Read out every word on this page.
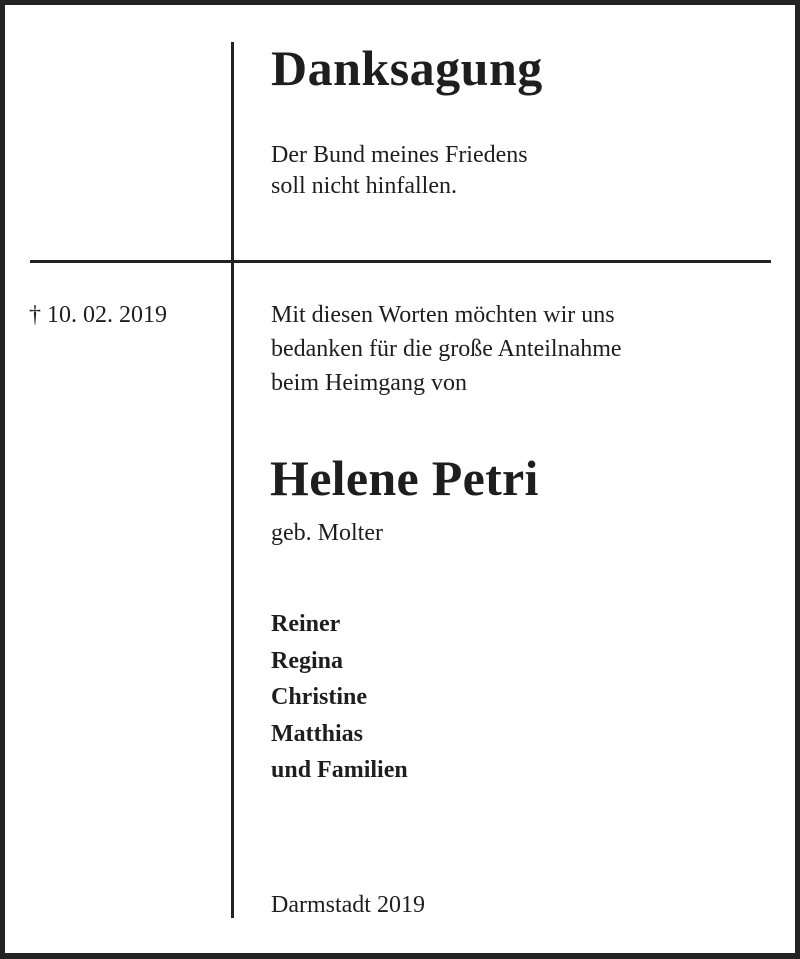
Danksagung
Der Bund meines Friedens
soll nicht hinfallen.
† 10. 02. 2019	Mit diesen Worten möchten wir uns
bedanken für die große Anteilnahme
beim Heimgang von
Helene Petri
geb. Molter
Reiner
Regina
Christine
Matthias
und Familien
Darmstadt 2019
